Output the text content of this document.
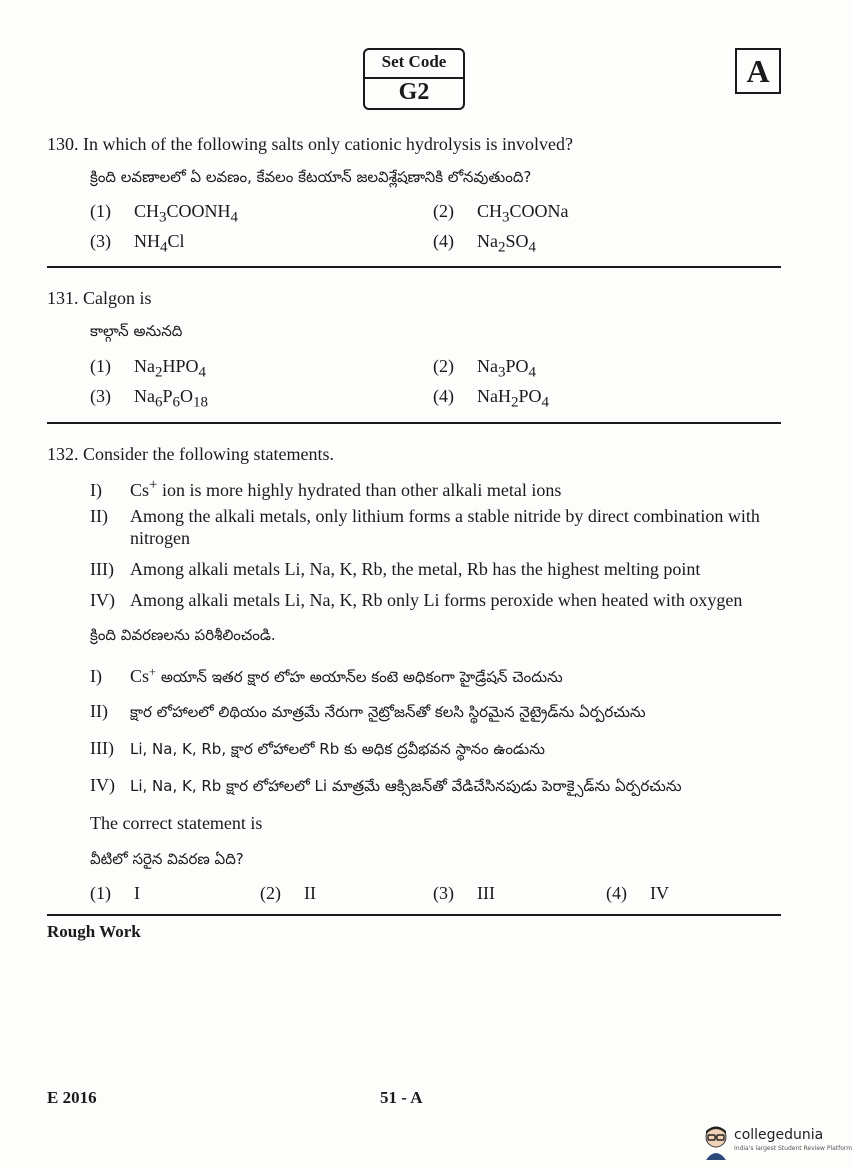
Set Code
G2
A
130. In which of the following salts only cationic hydrolysis is involved?
క్రింది లవణాలలో ఏ లవణం, కేవలం కేటయాన్ జలవిశ్లేషణానికి లోనవుతుంది?
(1) $CH_3COONH_4$	(2) $CH_3COONa$
(3) $NH_4Cl$	(4) $Na_2SO_4$
131. Calgon is
కాల్గాన్ అనునది
(1) $Na_2HPO_4$	(2) $Na_3PO_4$
(3) $Na_6P_6O_{18}$	(4) $NaH_2PO_4$
132. Consider the following statements.
I) Cs+ ion is more highly hydrated than other alkali metal ions
II) Among the alkali metals, only lithium forms a stable nitride by direct combination with nitrogen
III) Among alkali metals Li, Na, K, Rb, the metal, Rb has the highest melting point
IV) Among alkali metals Li, Na, K, Rb only Li forms peroxide when heated with oxygen
క్రింది వివరణలను పరిశీలించండి.
I) Cs+ అయాన్ ఇతర క్షార లోహ అయాన్‌ల కంటె అధికంగా హైడ్రేషన్ చెందును
II) క్షార లోహాలలో లిథియం మాత్రమే నేరుగా నైట్రోజన్‌తో కలసి స్థిరమైన నైట్రైడ్‌ను ఏర్పరచును
III) Li, Na, K, Rb, క్షార లోహాలలో Rb కు అధిక ద్రవీభవన స్థానం ఉండును
IV) Li, Na, K, Rb క్షార లోహాలలో Li మాత్రమే ఆక్సిజన్‌తో వేడిచేసినపుడు పెరాక్సైడ్‌ను ఏర్పరచును
The correct statement is
వీటిలో సరైన వివరణ ఏది?
(1) I	(2) II	(3) III	(4) IV
Rough Work
E 2016	51 - A
collegedunia
India's largest Student Review Platform
